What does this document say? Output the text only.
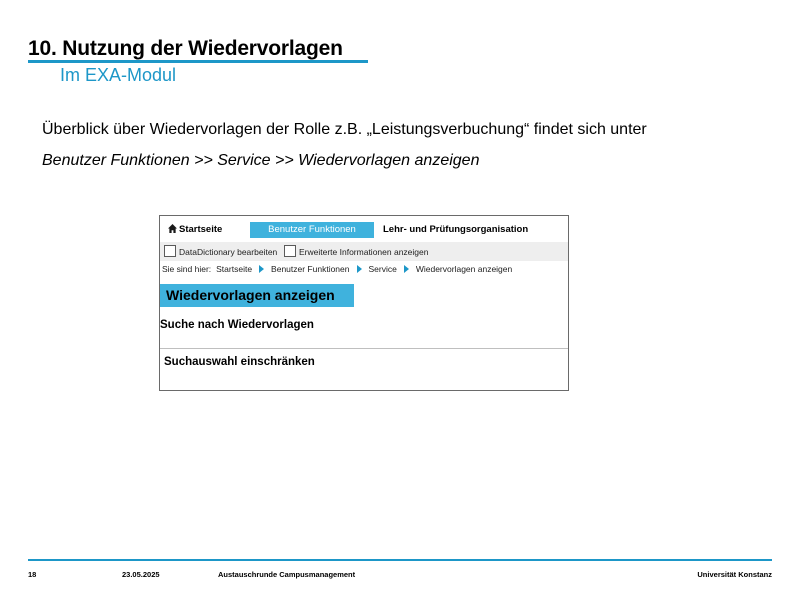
10. Nutzung der Wiedervorlagen
Im EXA-Modul
Überblick über Wiedervorlagen der Rolle z.B. „Leistungsverbuchung“ findet sich unter
Benutzer Funktionen >> Service >> Wiedervorlagen anzeigen
Startseite	Benutzer Funktionen	Lehr- und Prüfungsorganisation
DataDictionary bearbeiten	Erweiterte Informationen anzeigen
Sie sind hier: Startseite Benutzer Funktionen Service Wiedervorlagen anzeigen
Wiedervorlagen anzeigen
Suche nach Wiedervorlagen
Suchauswahl einschränken
18	23.05.2025	Austauschrunde Campusmanagement	Universität Konstanz
